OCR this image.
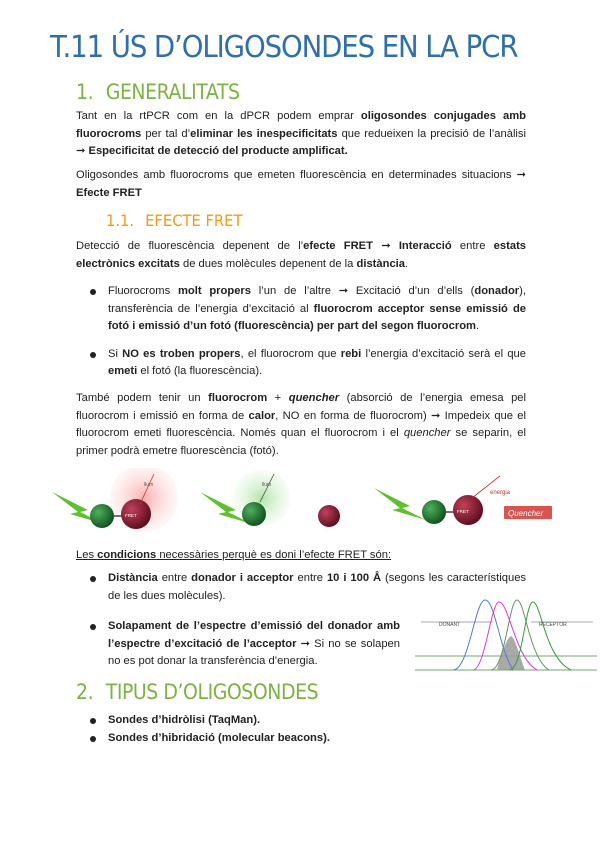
T.11 ÚS D’OLIGOSONDES EN LA PCR
1. GENERALITATS

Tant en la rtPCR com en la dPCR podem emprar oligosondes conjugades amb fluorocroms per tal d’eliminar les inespecificitats que redueixen la precisió de l’anàlisi ➞ Especificitat de detecció del producte amplificat.

Oligosondes amb fluorocroms que emeten fluorescència en determinades situacions ➞ Efecte FRET

1.1. EFECTE FRET

Detecció de fluorescència depenent de l’efecte FRET ➞ Interacció entre estats electrònics excitats de dues molècules depenent de la distància.

Fluorocroms molt propers l’un de l’altre ➞ Excitació d’un d’ells (donador), transferència de l’energia d’excitació al fluorocrom acceptor sense emissió de fotó i emissió d’un fotó (fluorescència) per part del segon fluorocrom.
Si NO es troben propers, el fluorocrom que rebi l’energia d’excitació serà el que emeti el fotó (la fluorescència).

També podem tenir un fluorocrom + quencher (absorció de l’energia emesa pel fluorocrom i emissió en forma de calor, NO en forma de fluorocrom) ➞ Impedeix que el fluorocrom emeti fluorescència. Només quan el fluorocrom i el quencher se separin, el primer podrà emetre fluorescència (fotó).

FRET
llum	llum
FRET
energia
Quencher

Les condicions necessàries perquè es doni l’efecte FRET són:

Distància entre donador i acceptor entre 10 i 100 Å (segons les característiques de les dues molècules).
Solapament de l’espectre d’emissió del donador amb l’espectre d’excitació de l’acceptor ➞ Si no se solapen no es pot donar la transferència d’energia.
DONANT	RECEPTOR
2. TIPUS D’OLIGOSONDES
Sondes d’hidròlisi (TaqMan).
Sondes d’hibridació (molecular beacons).
